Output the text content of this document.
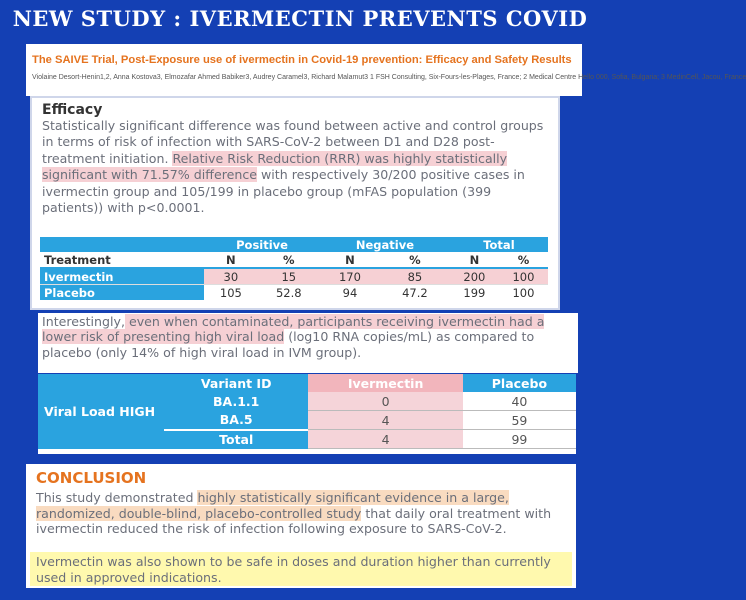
NEW STUDY : IVERMECTIN PREVENTS COVID
The SAIVE Trial, Post-Exposure use of ivermectin in Covid-19 prevention: Efficacy and Safety Results
Violaine Desort-Henin1,2, Anna Kostova3, Elmozafar Ahmed Babiker3, Audrey Caramel3, Richard Malamut3 1 FSH Consulting, Six-Fours-les-Plages, France; 2 Medical Centre Hello 000, Sofia, Bulgaria; 3 MedinCell, Jacou, France
Efficacy
Statistically significant difference was found between active and control groups in terms of risk of infection with SARS-CoV-2 between D1 and D28 post-treatment initiation. Relative Risk Reduction (RRR) was highly statistically significant with 71.57% difference with respectively 30/200 positive cases in ivermectin group and 105/199 in placebo group (mFAS population (399 patients)) with p<0.0001.
	Positive		Negative		Total	
Treatment	N	%	N	%	N	%
Ivermectin	30	15	170	85	200	100
Placebo	105	52.8	94	47.2	199	100
Interestingly, even when contaminated, participants receiving ivermectin had a lower risk of presenting high viral load (log10 RNA copies/mL) as compared to placebo (only 14% of high viral load in IVM group).
Viral Load HIGH	Variant ID	Ivermectin	Placebo
	BA.1.1	0	40
	BA.5	4	59
	Total	4	99
CONCLUSION
This study demonstrated highly statistically significant evidence in a large, randomized, double-blind, placebo-controlled study that daily oral treatment with ivermectin reduced the risk of infection following exposure to SARS-CoV-2.
Ivermectin was also shown to be safe in doses and duration higher than currently used in approved indications.
